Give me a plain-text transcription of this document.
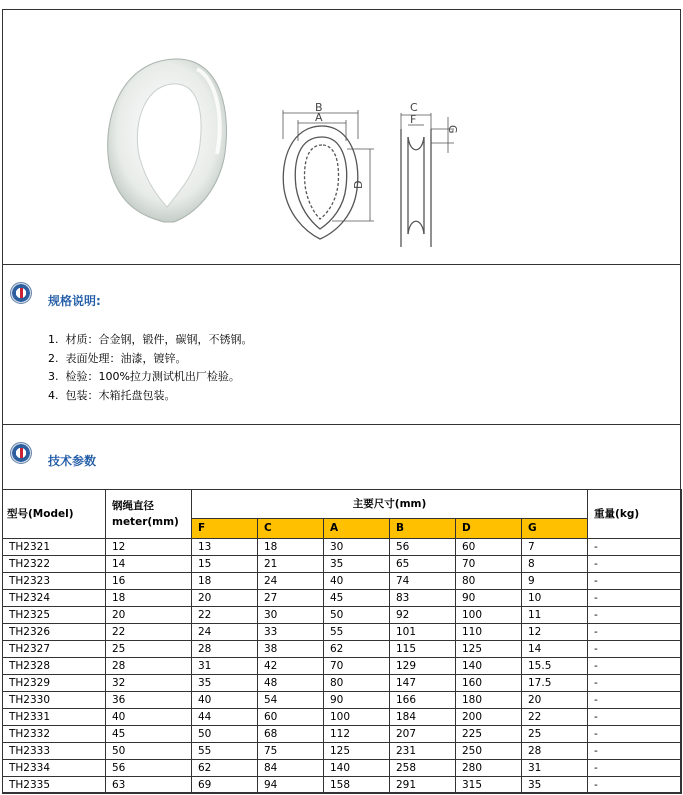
B
A
D
C
F
G
规格说明:
1.  材质：合金钢，锻件，碳钢，不锈钢。
2.  表面处理：油漆，镀锌。
3.  检验：100%拉力测试机出厂检验。
4.  包装：木箱托盘包装。
技术参数
型号(Model)	钢绳直径meter(mm)	主要尺寸(mm)						重量(kg)
		F	C	A	B	D	G	
TH2321	12	13	18	30	56	60	7	-
TH2322	14	15	21	35	65	70	8	-
TH2323	16	18	24	40	74	80	9	-
TH2324	18	20	27	45	83	90	10	-
TH2325	20	22	30	50	92	100	11	-
TH2326	22	24	33	55	101	110	12	-
TH2327	25	28	38	62	115	125	14	-
TH2328	28	31	42	70	129	140	15.5	-
TH2329	32	35	48	80	147	160	17.5	-
TH2330	36	40	54	90	166	180	20	-
TH2331	40	44	60	100	184	200	22	-
TH2332	45	50	68	112	207	225	25	-
TH2333	50	55	75	125	231	250	28	-
TH2334	56	62	84	140	258	280	31	-
TH2335	63	69	94	158	291	315	35	-
